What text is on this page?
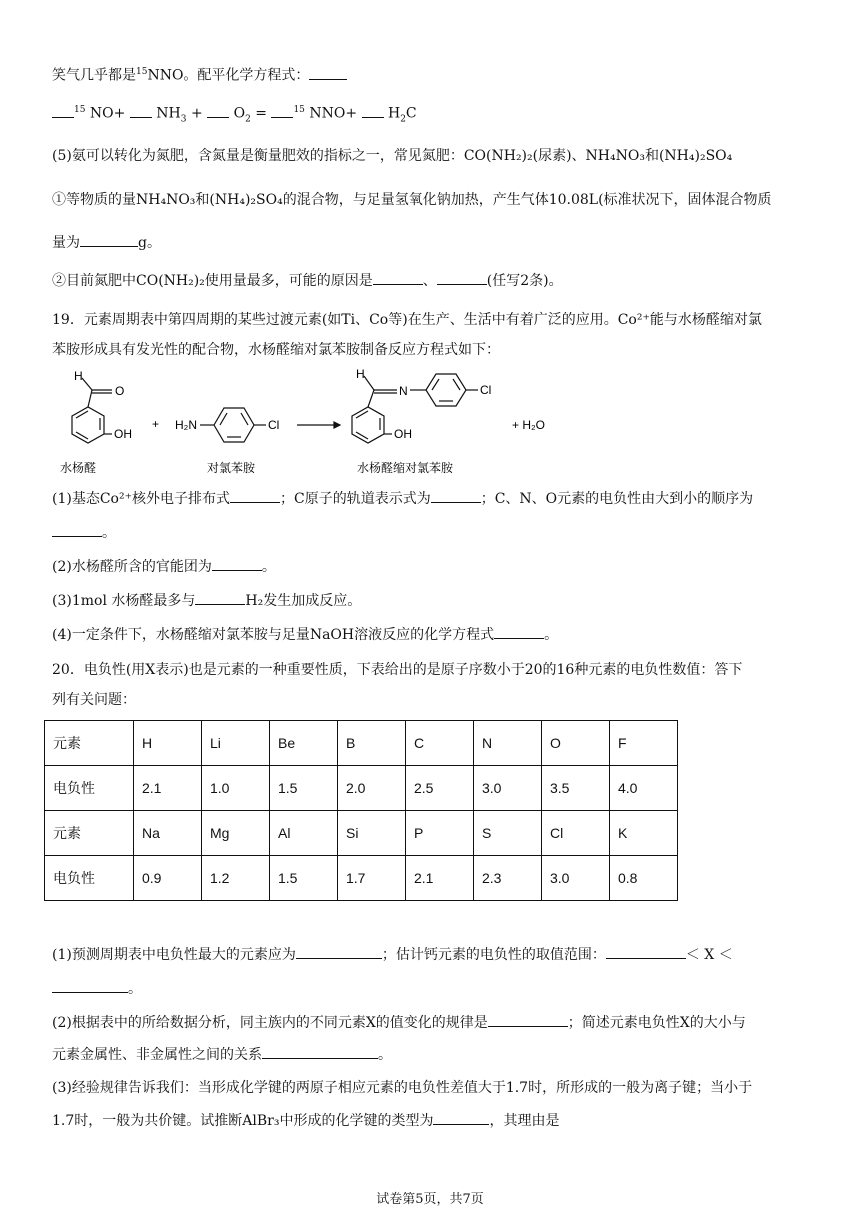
笑气几乎都是$^{15}$NNO。配平化学方程式：
$^{15}$ $NO+ NH_3 + O_2$ =	$^{15}$ $NNO+ H_2C$
(5)氨可以转化为氮肥，含氮量是衡量肥效的指标之一，常见氮肥：CO(NH₂)₂(尿素)、NH₄NO₃和(NH₄)₂SO₄
①等物质的量NH₄NO₃和(NH₄)₂SO₄的混合物，与足量氢氧化钠加热，产生气体10.08L(标准状况下，固体混合物质
量为	g。
②目前氮肥中CO(NH₂)₂使用量最多，可能的原因是	、	(任写2条)。
19．元素周期表中第四周期的某些过渡元素(如Ti、Co等)在生产、生活中有着广泛的应用。Co²⁺能与水杨醛缩对氯
苯胺形成具有发光性的配合物，水杨醛缩对氯苯胺制备反应方程式如下：
H
O
OH
水杨醛
+ H₂N	Cl
对氯苯胺
H
N	Cl
OH
水杨醛缩对氯苯胺
+ H₂O
(1)基态Co²⁺核外电子排布式	；C原子的轨道表示式为	；C、N、O元素的电负性由大到小的顺序为
。
(2)水杨醛所含的官能团为	。
(3)1mol 水杨醛最多与	H₂发生加成反应。
(4)一定条件下，水杨醛缩对氯苯胺与足量NaOH溶液反应的化学方程式	。
20．电负性(用X表示)也是元素的一种重要性质，下表给出的是原子序数小于20的16种元素的电负性数值：答下
列有关问题：
元素	H	Li	Be	B	C	N	O	F
电负性	2.1	1.0	1.5	2.0	2.5	3.0	3.5	4.0
元素	Na	Mg	Al	Si	P	S	Cl	K
电负性	0.9	1.2	1.5	1.7	2.1	2.3	3.0	0.8
(1)预测周期表中电负性最大的元素应为	；估计钙元素的电负性的取值范围：	＜ X ＜
。
(2)根据表中的所给数据分析，同主族内的不同元素X的值变化的规律是	；简述元素电负性X的大小与
元素金属性、非金属性之间的关系	。
(3)经验规律告诉我们：当形成化学键的两原子相应元素的电负性差值大于1.7时，所形成的一般为离子键；当小于
1.7时，一般为共价键。试推断AlBr₃中形成的化学键的类型为	，其理由是
试卷第5页，共7页
